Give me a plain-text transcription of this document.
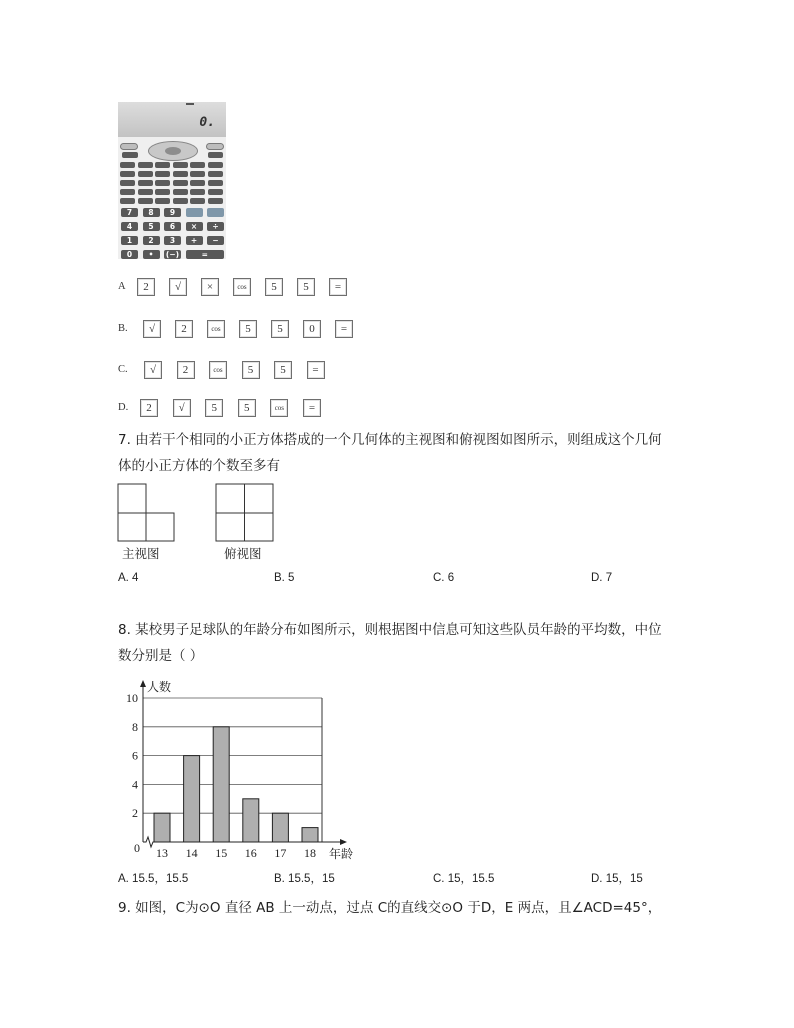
0.
7	8	9
4	5	6	×	÷
1	2	3	+	−
0	•	(−)	=
A	2	√	×	cos	5	5	=
B.	√	2	cos	5	5	0	=
C.	√	2	cos	5	5	=
D.	2	√	5	5	cos	=
7. 由若干个相同的小正方体搭成的一个几何体的主视图和俯视图如图所示，则组成这个几何
体的小正方体的个数至多有
主视图	俯视图
A. 4	B. 5	C. 6	D. 7
8. 某校男子足球队的年龄分布如图所示，则根据图中信息可知这些队员年龄的平均数，中位
数分别是（ ）
0
2
4
6
8
10
13 14 15 16 17 18
人数
年龄
A. 15.5，15.5	B. 15.5，15	C. 15，15.5	D. 15，15
9. 如图，C为⊙O 直径 AB 上一动点，过点 C的直线交⊙O 于D，E 两点，且∠ACD=45°，
